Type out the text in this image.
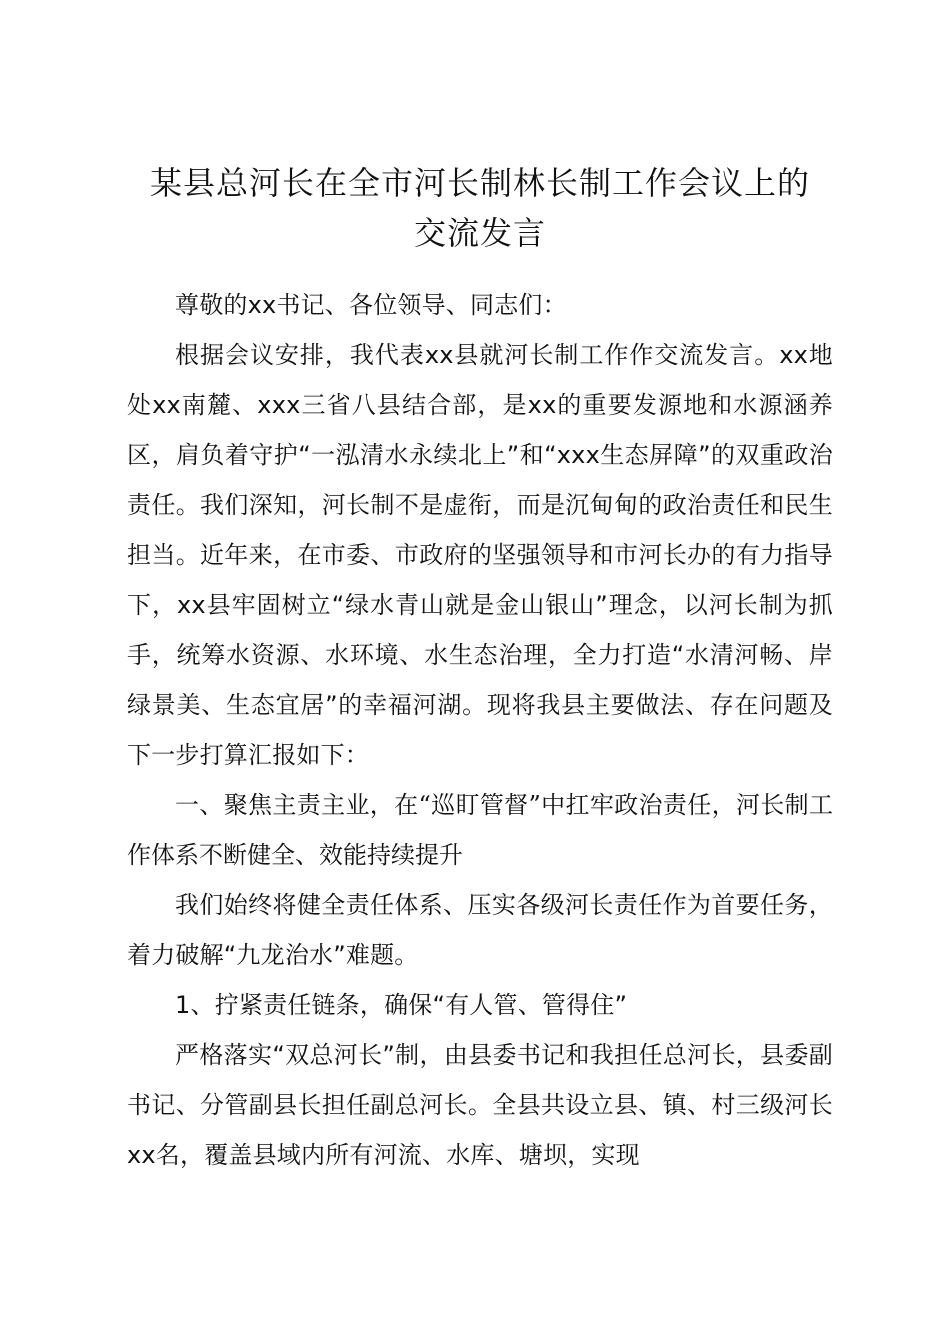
某县总河长在全市河长制林长制工作会议上的
交流发言

尊敬的xx书记、各位领导、同志们：

根据会议安排，我代表xx县就河长制工作作交流发言。xx地处xx南麓、xxx三省八县结合部，是xx的重要发源地和水源涵养区，肩负着守护“一泓清水永续北上”和“xxx生态屏障”的双重政治责任。我们深知，河长制不是虚衔，而是沉甸甸的政治责任和民生担当。近年来，在市委、市政府的坚强领导和市河长办的有力指导下，xx县牢固树立“绿水青山就是金山银山”理念，以河长制为抓手，统筹水资源、水环境、水生态治理，全力打造“水清河畅、岸绿景美、生态宜居”的幸福河湖。现将我县主要做法、存在问题及下一步打算汇报如下：

一、聚焦主责主业，在“巡盯管督”中扛牢政治责任，河长制工作体系不断健全、效能持续提升

我们始终将健全责任体系、压实各级河长责任作为首要任务，着力破解“九龙治水”难题。

1、拧紧责任链条，确保“有人管、管得住”

严格落实“双总河长”制，由县委书记和我担任总河长，县委副书记、分管副县长担任副总河长。全县共设立县、镇、村三级河长xx名，覆盖县域内所有河流、水库、塘坝，实现
